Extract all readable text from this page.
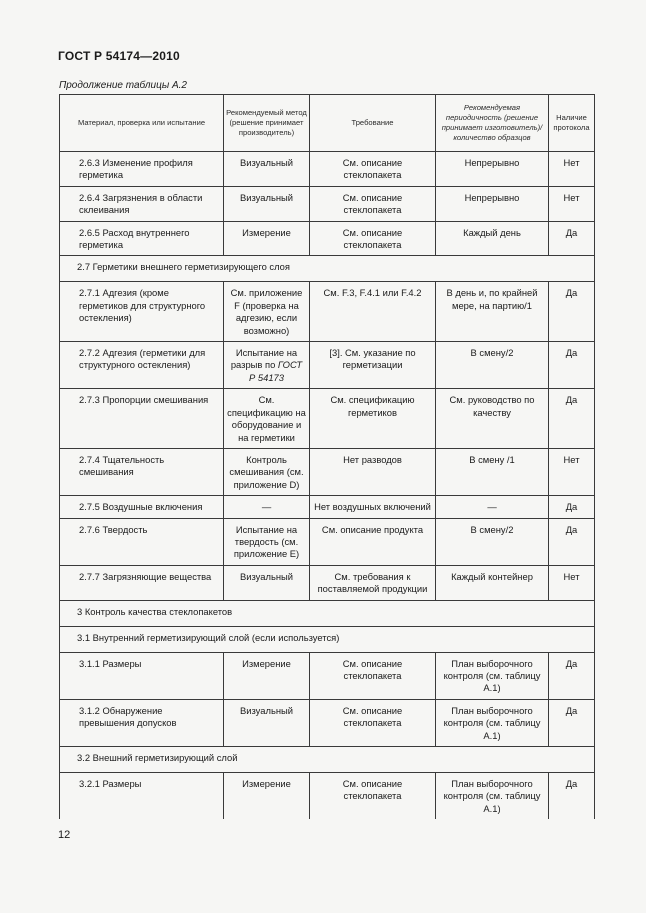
ГОСТ Р 54174—2010
Продолжение таблицы А.2
Материал, проверка или испытание	Рекомендуемый метод (решение принимает производитель)	Требование	Рекомендуемая периодичность (решение принимает изготовитель)/количество образцов	Наличие протокола
2.6.3 Изменение профиля герметика	Визуальный	См. описание стеклопакета	Непрерывно	Нет
2.6.4 Загрязнения в области склеивания	Визуальный	См. описание стеклопакета	Непрерывно	Нет
2.6.5 Расход внутреннего герметика	Измерение	См. описание стеклопакета	Каждый день	Да
2.7 Герметики внешнего герметизирующего слоя				
2.7.1 Адгезия (кроме герметиков для структурного остекления)	См. приложение F (проверка на адгезию, если возможно)	См. F.3, F.4.1 или F.4.2	В день и, по крайней мере, на партию/1	Да
2.7.2 Адгезия (герметики для структурного остекления)	Испытание на разрыв по ГОСТ Р 54173	[3]. См. указание по герметизации	В смену/2	Да
2.7.3 Пропорции смешивания	См. спецификацию на оборудование и на герметики	См. спецификацию герметиков	См. руководство по качеству	Да
2.7.4 Тщательность смешивания	Контроль смешивания (см. приложение D)	Нет разводов	В смену /1	Нет
2.7.5 Воздушные включения	—	Нет воздушных включений	—	Да
2.7.6 Твердость	Испытание на твердость (см. приложение Е)	См. описание продукта	В смену/2	Да
2.7.7 Загрязняющие вещества	Визуальный	См. требования к поставляемой продукции	Каждый контейнер	Нет
3 Контроль качества стеклопакетов				
3.1 Внутренний герметизирующий слой (если используется)				
3.1.1 Размеры	Измерение	См. описание стеклопакета	План выборочного контроля (см. таблицу А.1)	Да
3.1.2 Обнаружение превышения допусков	Визуальный	См. описание стеклопакета	План выборочного контроля (см. таблицу А.1)	Да
3.2 Внешний герметизирующий слой				
3.2.1 Размеры	Измерение	См. описание стеклопакета	План выборочного контроля (см. таблицу А.1)	Да
12
